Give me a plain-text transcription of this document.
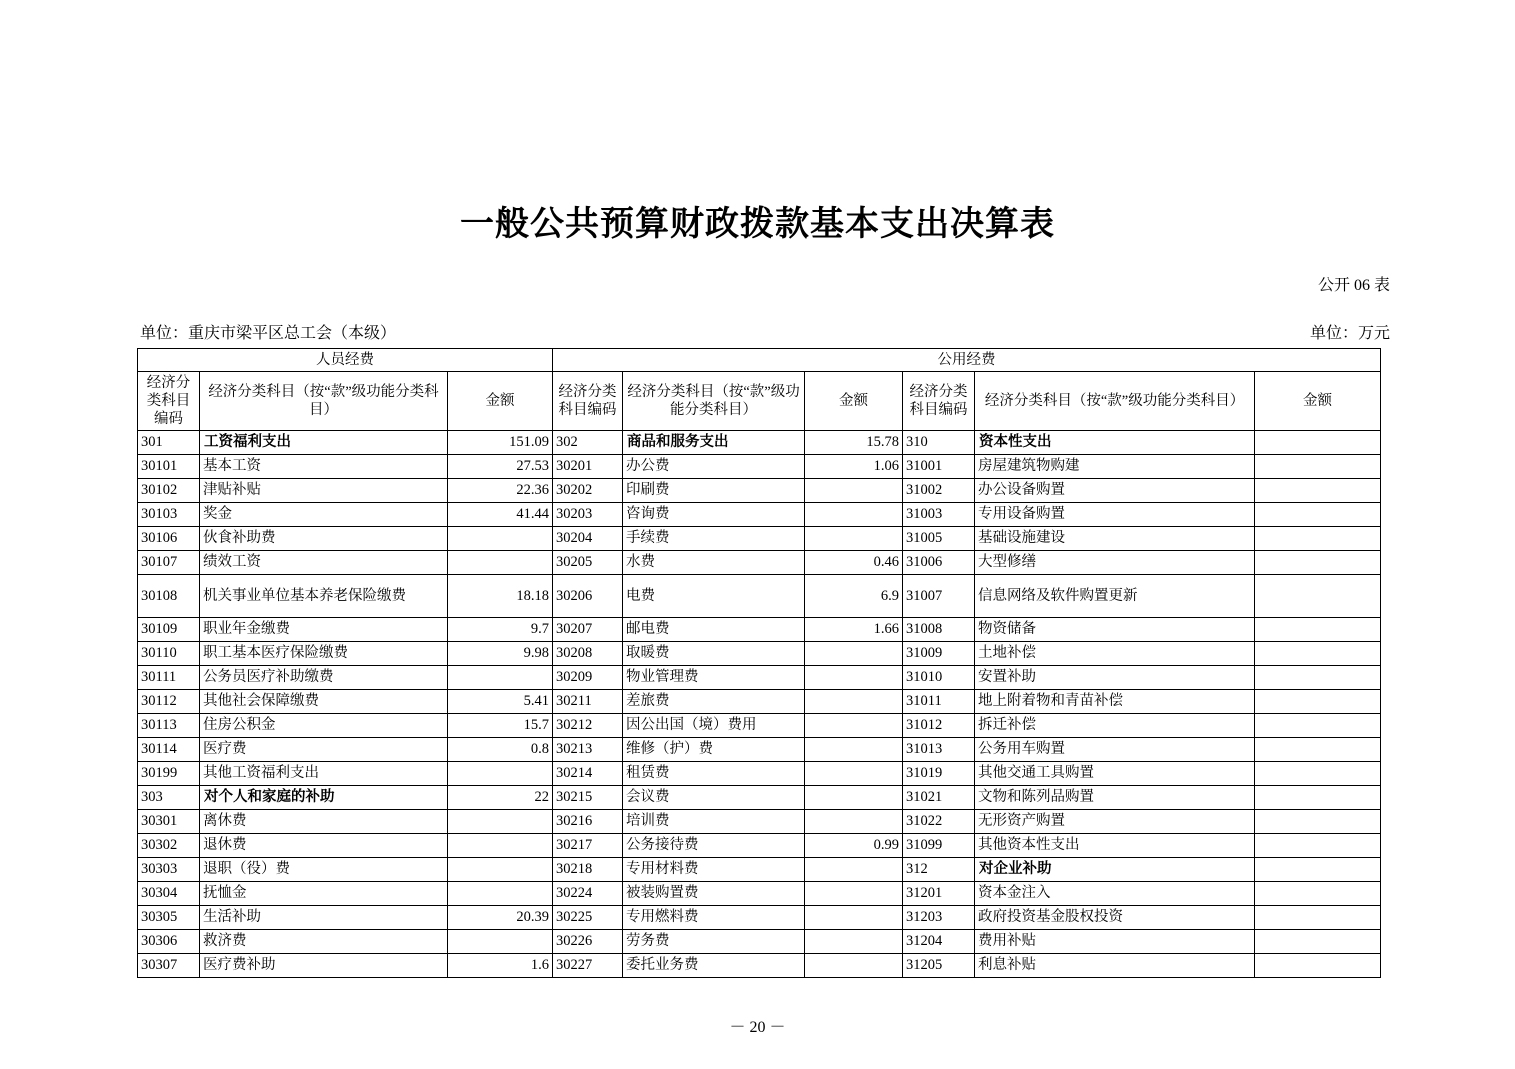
一般公共预算财政拨款基本支出决算表
公开 06 表
单位：重庆市梁平区总工会（本级）	单位：万元
人员经费			公用经费					
经济分类科目编码	经济分类科目（按“款”级功能分类科目）	金额	经济分类科目编码	经济分类科目（按“款”级功能分类科目）	金额	经济分类科目编码	经济分类科目（按“款”级功能分类科目）	金额
301	工资福利支出	151.09	302	商品和服务支出	15.78	310	资本性支出	
30101	基本工资	27.53	30201	办公费	1.06	31001	房屋建筑物购建	
30102	津贴补贴	22.36	30202	印刷费		31002	办公设备购置	
30103	奖金	41.44	30203	咨询费		31003	专用设备购置	
30106	伙食补助费		30204	手续费		31005	基础设施建设	
30107	绩效工资		30205	水费	0.46	31006	大型修缮	
30108	机关事业单位基本养老保险缴费	18.18	30206	电费	6.9	31007	信息网络及软件购置更新	
30109	职业年金缴费	9.7	30207	邮电费	1.66	31008	物资储备	
30110	职工基本医疗保险缴费	9.98	30208	取暖费		31009	土地补偿	
30111	公务员医疗补助缴费		30209	物业管理费		31010	安置补助	
30112	其他社会保障缴费	5.41	30211	差旅费		31011	地上附着物和青苗补偿	
30113	住房公积金	15.7	30212	因公出国（境）费用		31012	拆迁补偿	
30114	医疗费	0.8	30213	维修（护）费		31013	公务用车购置	
30199	其他工资福利支出		30214	租赁费		31019	其他交通工具购置	
303	对个人和家庭的补助	22	30215	会议费		31021	文物和陈列品购置	
30301	离休费		30216	培训费		31022	无形资产购置	
30302	退休费		30217	公务接待费	0.99	31099	其他资本性支出	
30303	退职（役）费		30218	专用材料费		312	对企业补助	
30304	抚恤金		30224	被装购置费		31201	资本金注入	
30305	生活补助	20.39	30225	专用燃料费		31203	政府投资基金股权投资	
30306	救济费		30226	劳务费		31204	费用补贴	
30307	医疗费补助	1.6	30227	委托业务费		31205	利息补贴	
－ 20 －
